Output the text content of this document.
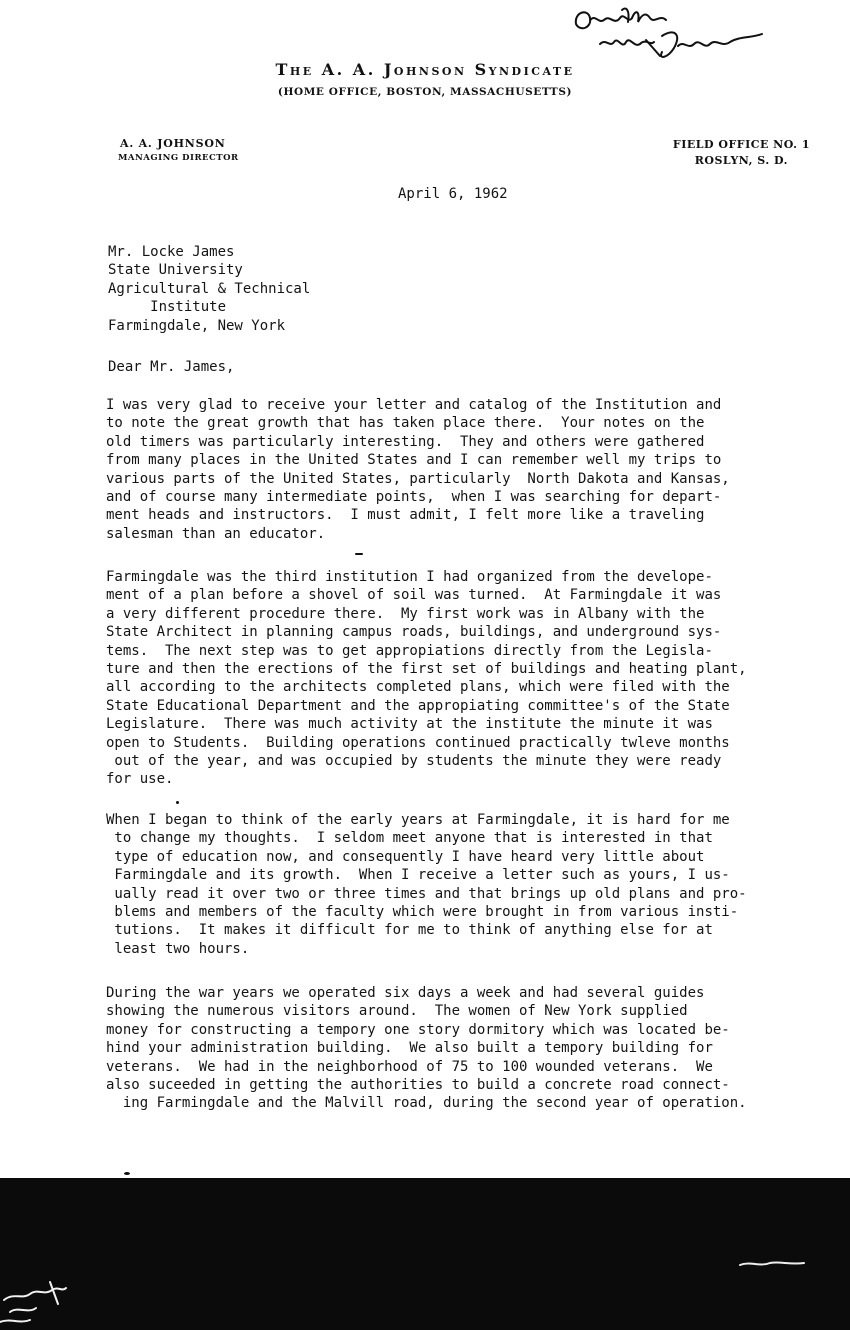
The A. A. Johnson Syndicate
(HOME OFFICE, BOSTON, MASSACHUSETTS)
A. A. JOHNSON
MANAGING DIRECTOR
FIELD OFFICE NO. 1
ROSLYN, S. D.
April 6, 1962
Mr. Locke James
State University
Agricultural & Technical
Institute
Farmingdale, New York
Dear Mr. James,
I was very glad to receive your letter and catalog of the Institution and
to note the great growth that has taken place there.  Your notes on the
old timers was particularly interesting.  They and others were gathered
from many places in the United States and I can remember well my trips to
various parts of the United States, particularly  North Dakota and Kansas,
and of course many intermediate points,  when I was searching for depart-
ment heads and instructors.  I must admit, I felt more like a traveling
salesman than an educator.
Farmingdale was the third institution I had organized from the develope-
ment of a plan before a shovel of soil was turned.  At Farmingdale it was
a very different procedure there.  My first work was in Albany with the
State Architect in planning campus roads, buildings, and underground sys-
tems.  The next step was to get appropiations directly from the Legisla-
ture and then the erections of the first set of buildings and heating plant,
all according to the architects completed plans, which were filed with the
State Educational Department and the appropiating committee's of the State
Legislature.  There was much activity at the institute the minute it was
open to Students.  Building operations continued practically twleve months
out of the year, and was occupied by students the minute they were ready
for use.
When I began to think of the early years at Farmingdale, it is hard for me
to change my thoughts.  I seldom meet anyone that is interested in that
type of education now, and consequently I have heard very little about
Farmingdale and its growth.  When I receive a letter such as yours, I us-
ually read it over two or three times and that brings up old plans and pro-
blems and members of the faculty which were brought in from various insti-
tutions.  It makes it difficult for me to think of anything else for at
least two hours.
During the war years we operated six days a week and had several guides
showing the numerous visitors around.  The women of New York supplied
money for constructing a tempory one story dormitory which was located be-
hind your administration building.  We also built a tempory building for
veterans.  We had in the neighborhood of 75 to 100 wounded veterans.  We
also suceeded in getting the authorities to build a concrete road connect-
ing Farmingdale and the Malvill road, during the second year of operation.
